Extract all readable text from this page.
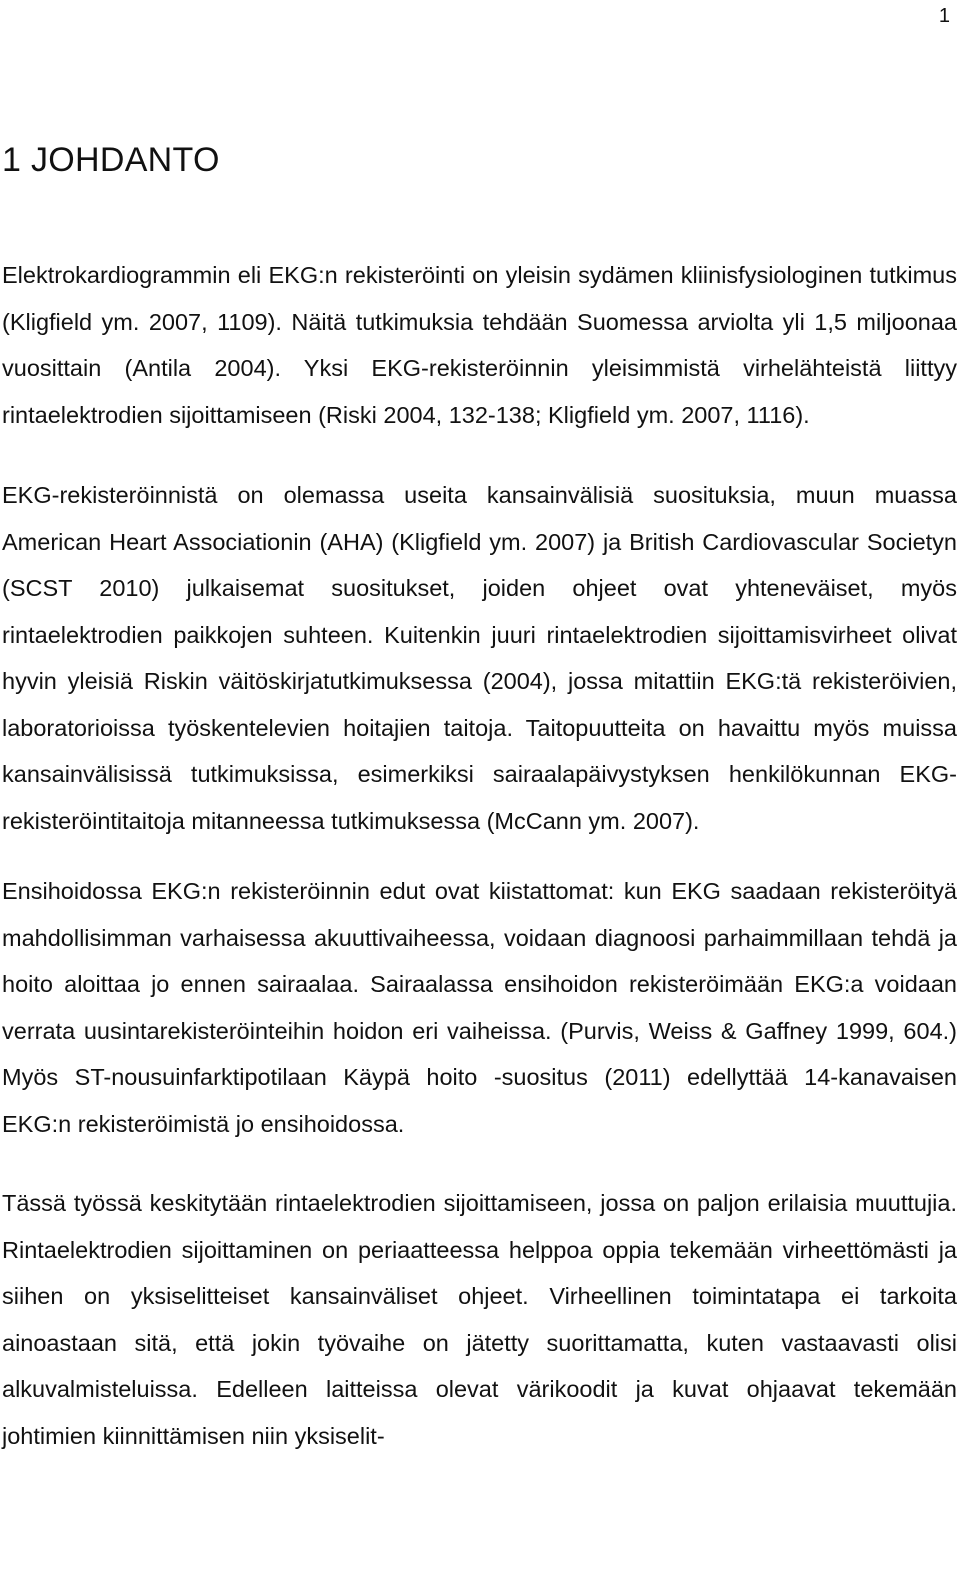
1
1 JOHDANTO

Elektrokardiogrammin eli EKG:n rekisteröinti on yleisin sydämen kliinisfysiologinen tutkimus (Kligfield ym. 2007, 1109). Näitä tutkimuksia tehdään Suomessa arviolta yli 1,5 miljoonaa vuosittain (Antila 2004). Yksi EKG-rekisteröinnin yleisimmistä virhelähteistä liittyy rintaelektrodien sijoittamiseen (Riski 2004, 132-138; Kligfield ym. 2007, 1116).

EKG-rekisteröinnistä on olemassa useita kansainvälisiä suosituksia, muun muassa American Heart Associationin (AHA) (Kligfield ym. 2007) ja British Cardiovascular Societyn (SCST 2010) julkaisemat suositukset, joiden ohjeet ovat yhteneväiset, myös rintaelektrodien paikkojen suhteen. Kuitenkin juuri rintaelektrodien sijoittamisvirheet olivat hyvin yleisiä Riskin väitöskirjatutkimuksessa (2004), jossa mitattiin EKG:tä rekisteröivien, laboratorioissa työskentelevien hoitajien taitoja. Taitopuutteita on havaittu myös muissa kansainvälisissä tutkimuksissa, esimerkiksi sairaalapäivystyksen henkilökunnan EKG-rekisteröintitaitoja mitanneessa tutkimuksessa (McCann ym. 2007).

Ensihoidossa EKG:n rekisteröinnin edut ovat kiistattomat: kun EKG saadaan rekisteröityä mahdollisimman varhaisessa akuuttivaiheessa, voidaan diagnoosi parhaimmillaan tehdä ja hoito aloittaa jo ennen sairaalaa. Sairaalassa ensihoidon rekisteröimään EKG:a voidaan verrata uusintarekisteröinteihin hoidon eri vaiheissa. (Purvis, Weiss & Gaffney 1999, 604.) Myös ST-nousuinfarktipotilaan Käypä hoito -suositus (2011) edellyttää 14-kanavaisen EKG:n rekisteröimistä jo ensihoidossa.

Tässä työssä keskitytään rintaelektrodien sijoittamiseen, jossa on paljon erilaisia muuttujia. Rintaelektrodien sijoittaminen on periaatteessa helppoa oppia tekemään virheettömästi ja siihen on yksiselitteiset kansainväliset ohjeet. Virheellinen toimintatapa ei tarkoita ainoastaan sitä, että jokin työvaihe on jätetty suorittamatta, kuten vastaavasti olisi alkuvalmisteluissa. Edelleen laitteissa olevat värikoodit ja kuvat ohjaavat tekemään johtimien kiinnittämisen niin yksiselit-
